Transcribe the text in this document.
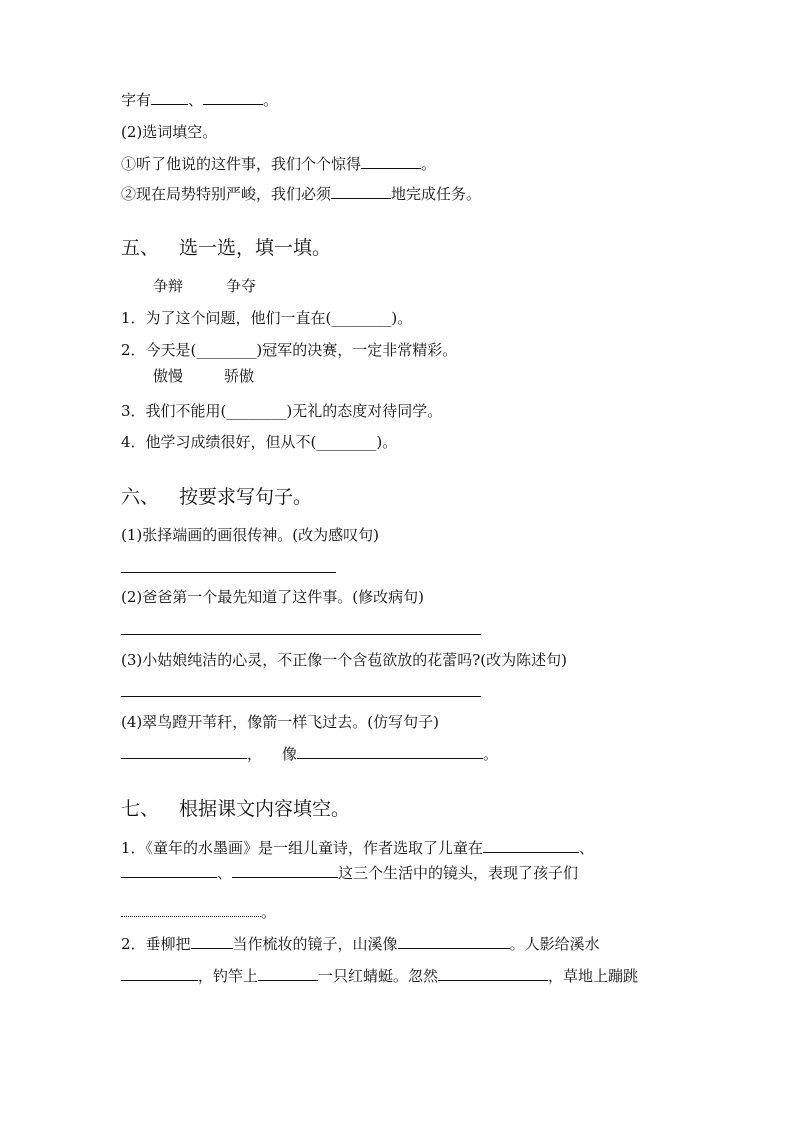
字有 、	。
(2)选词填空。
①听了他说的这件事，我们个个惊得	。
②现在局势特别严峻，我们必须	地完成任务。
五、 选一选，填一填。
争辩	争夺
1．为了这个问题，他们一直在(________)。
2．今天是(________)冠军的决赛，一定非常精彩。
傲慢	骄傲
3．我们不能用(________)无礼的态度对待同学。
4．他学习成绩很好，但从不(________)。
六、 按要求写句子。
(1)张择端画的画很传神。(改为感叹句)
(2)爸爸第一个最先知道了这件事。(修改病句)
(3)小姑娘纯洁的心灵，不正像一个含苞欲放的花蕾吗?(改为陈述句)
(4)翠鸟蹬开苇秆，像箭一样飞过去。(仿写句子)
， 像	。
七、 根据课文内容填空。
1．《童年的水墨画》是一组儿童诗，作者选取了儿童在	、
、	这三个生活中的镜头，表现了孩子们
。
2．垂柳把	当作梳妆的镜子，山溪像	。人影给溪水
，钓竿上	一只红蜻蜓。忽然	，草地上蹦跳
